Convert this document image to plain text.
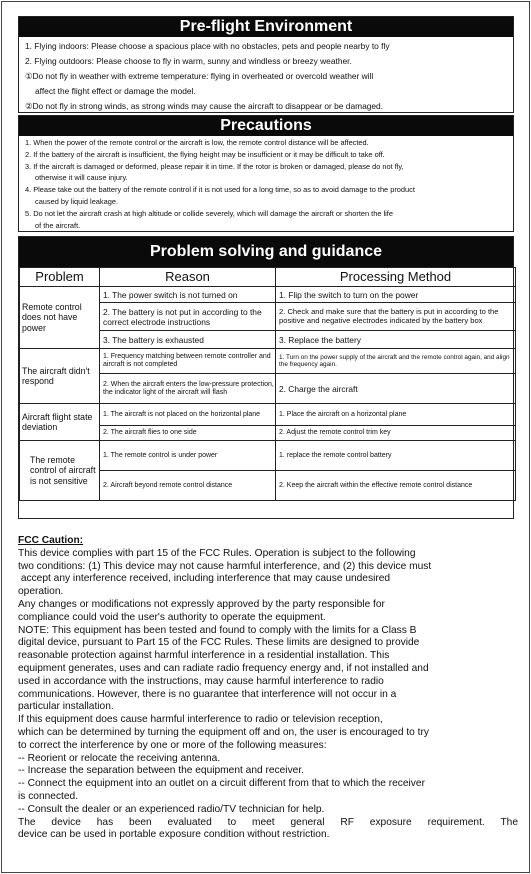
Pre-flight Environment
1. Flying indoors: Please choose a spacious place with no obstacles, pets and people nearby to fly
2. Flying outdoors: Please choose to fly in warm, sunny and windless or breezy weather.
①Do not fly in weather with extreme temperature: flying in overheated or overcold weather will
affect the flight effect or damage the model.
②Do not fly in strong winds, as strong winds may cause the aircraft to disappear or be damaged.
Precautions
1. When the power of the remote control or the aircraft is low, the remote control distance will be affected.
2. If the battery of the aircraft is insufficient, the flying height may be insufficient or it may be difficult to take off.
3. If the aircraft is damaged or deformed, please repair it in time. If the rotor is broken or damaged, please do not fly,
otherwise it will cause injury.
4. Please take out the battery of the remote control if it is not used for a long time, so as to avoid damage to the product
caused by liquid leakage.
5. Do not let the aircraft crash at high altitude or collide severely, which will damage the aircraft or shorten the life
of the aircraft.
Problem solving and guidance
Problem	Reason	Processing Method
Remote control does not have power	1. The power switch is not turned on	1. Flip the switch to turn on the power
	2. The battery is not put in according to the correct electrode instructions	2. Check and make sure that the battery is put in according to the positive and negative electrodes indicated by the battery box
	3. The battery is exhausted	3. Replace the battery
The aircraft didn't respond	1. Frequency matching between remote controller and aircraft is not completed	1. Turn on the power supply of the aircraft and the remote control again, and align the frequency again.
	2. When the aircraft enters the low-pressure protection, the indicator light of the aircraft will flash	2. Charge the aircraft
Aircraft flight state deviation	1. The aircraft is not placed on the horizontal plane	1. Place the aircraft on a horizontal plane
	2. The aircraft flies to one side	2. Adjust the remote control trim key
The remote control of aircraft is not sensitive	1. The remote control is under power	1. replace the remote control battery
	2. Aircraft beyond remote control distance	2. Keep the aircraft within the effective remote control distance
FCC Caution:

This device complies with part 15 of the FCC Rules. Operation is subject to the following

two conditions: (1) This device may not cause harmful interference, and (2) this device must

accept any interference received, including interference that may cause undesired

operation.

Any changes or modifications not expressly approved by the party responsible for

compliance could void the user's authority to operate the equipment.

NOTE: This equipment has been tested and found to comply with the limits for a Class B

digital device, pursuant to Part 15 of the FCC Rules. These limits are designed to provide

reasonable protection against harmful interference in a residential installation. This

equipment generates, uses and can radiate radio frequency energy and, if not installed and

used in accordance with the instructions, may cause harmful interference to radio

communications. However, there is no guarantee that interference will not occur in a

particular installation.

If this equipment does cause harmful interference to radio or television reception,

which can be determined by turning the equipment off and on, the user is encouraged to try

to correct the interference by one or more of the following measures:

-- Reorient or relocate the receiving antenna.

-- Increase the separation between the equipment and receiver.

-- Connect the equipment into an outlet on a circuit different from that to which the receiver

is connected.

-- Consult the dealer or an experienced radio/TV technician for help.

The device has been evaluated to meet general RF exposure requirement. The

device can be used in portable exposure condition without restriction.
